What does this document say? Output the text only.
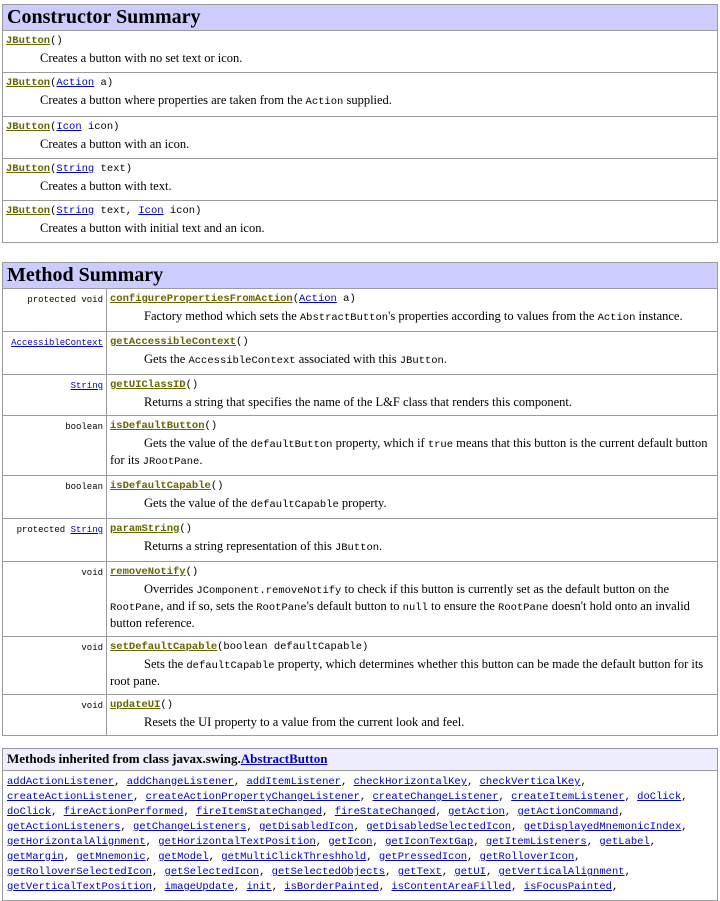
Constructor Summary

JButton()
Creates a button with no set text or icon.

JButton(Action a)
Creates a button where properties are taken from the Action supplied.

JButton(Icon icon)
Creates a button with an icon.

JButton(String text)
Creates a button with text.

JButton(String text, Icon icon)
Creates a button with initial text and an icon.
Method Summary	
protected void	configurePropertiesFromAction(Action a)
Factory method which sets the AbstractButton's properties according to values from the Action instance.

AccessibleContext	getAccessibleContext()
Gets the AccessibleContext associated with this JButton.

String	getUIClassID()
Returns a string that specifies the name of the L&F class that renders this component.

boolean	isDefaultButton()
Gets the value of the defaultButton property, which if true means that this button is the current default button for its JRootPane.

boolean	isDefaultCapable()
Gets the value of the defaultCapable property.

protected String	paramString()
Returns a string representation of this JButton.

void	removeNotify()
Overrides JComponent.removeNotify to check if this button is currently set as the default button on the RootPane, and if so, sets the RootPane's default button to null to ensure the RootPane doesn't hold onto an invalid button reference.

void	setDefaultCapable(boolean defaultCapable)
Sets the defaultCapable property, which determines whether this button can be made the default button for its root pane.

void	updateUI()
Resets the UI property to a value from the current look and feel.
Methods inherited from class javax.swing.AbstractButton

addActionListener, addChangeListener, addItemListener, checkHorizontalKey, checkVerticalKey,
createActionListener, createActionPropertyChangeListener, createChangeListener, createItemListener, doClick,
doClick, fireActionPerformed, fireItemStateChanged, fireStateChanged, getAction, getActionCommand,
getActionListeners, getChangeListeners, getDisabledIcon, getDisabledSelectedIcon, getDisplayedMnemonicIndex,
getHorizontalAlignment, getHorizontalTextPosition, getIcon, getIconTextGap, getItemListeners, getLabel,
getMargin, getMnemonic, getModel, getMultiClickThreshhold, getPressedIcon, getRolloverIcon,
getRolloverSelectedIcon, getSelectedIcon, getSelectedObjects, getText, getUI, getVerticalAlignment,
getVerticalTextPosition, imageUpdate, init, isBorderPainted, isContentAreaFilled, isFocusPainted,
